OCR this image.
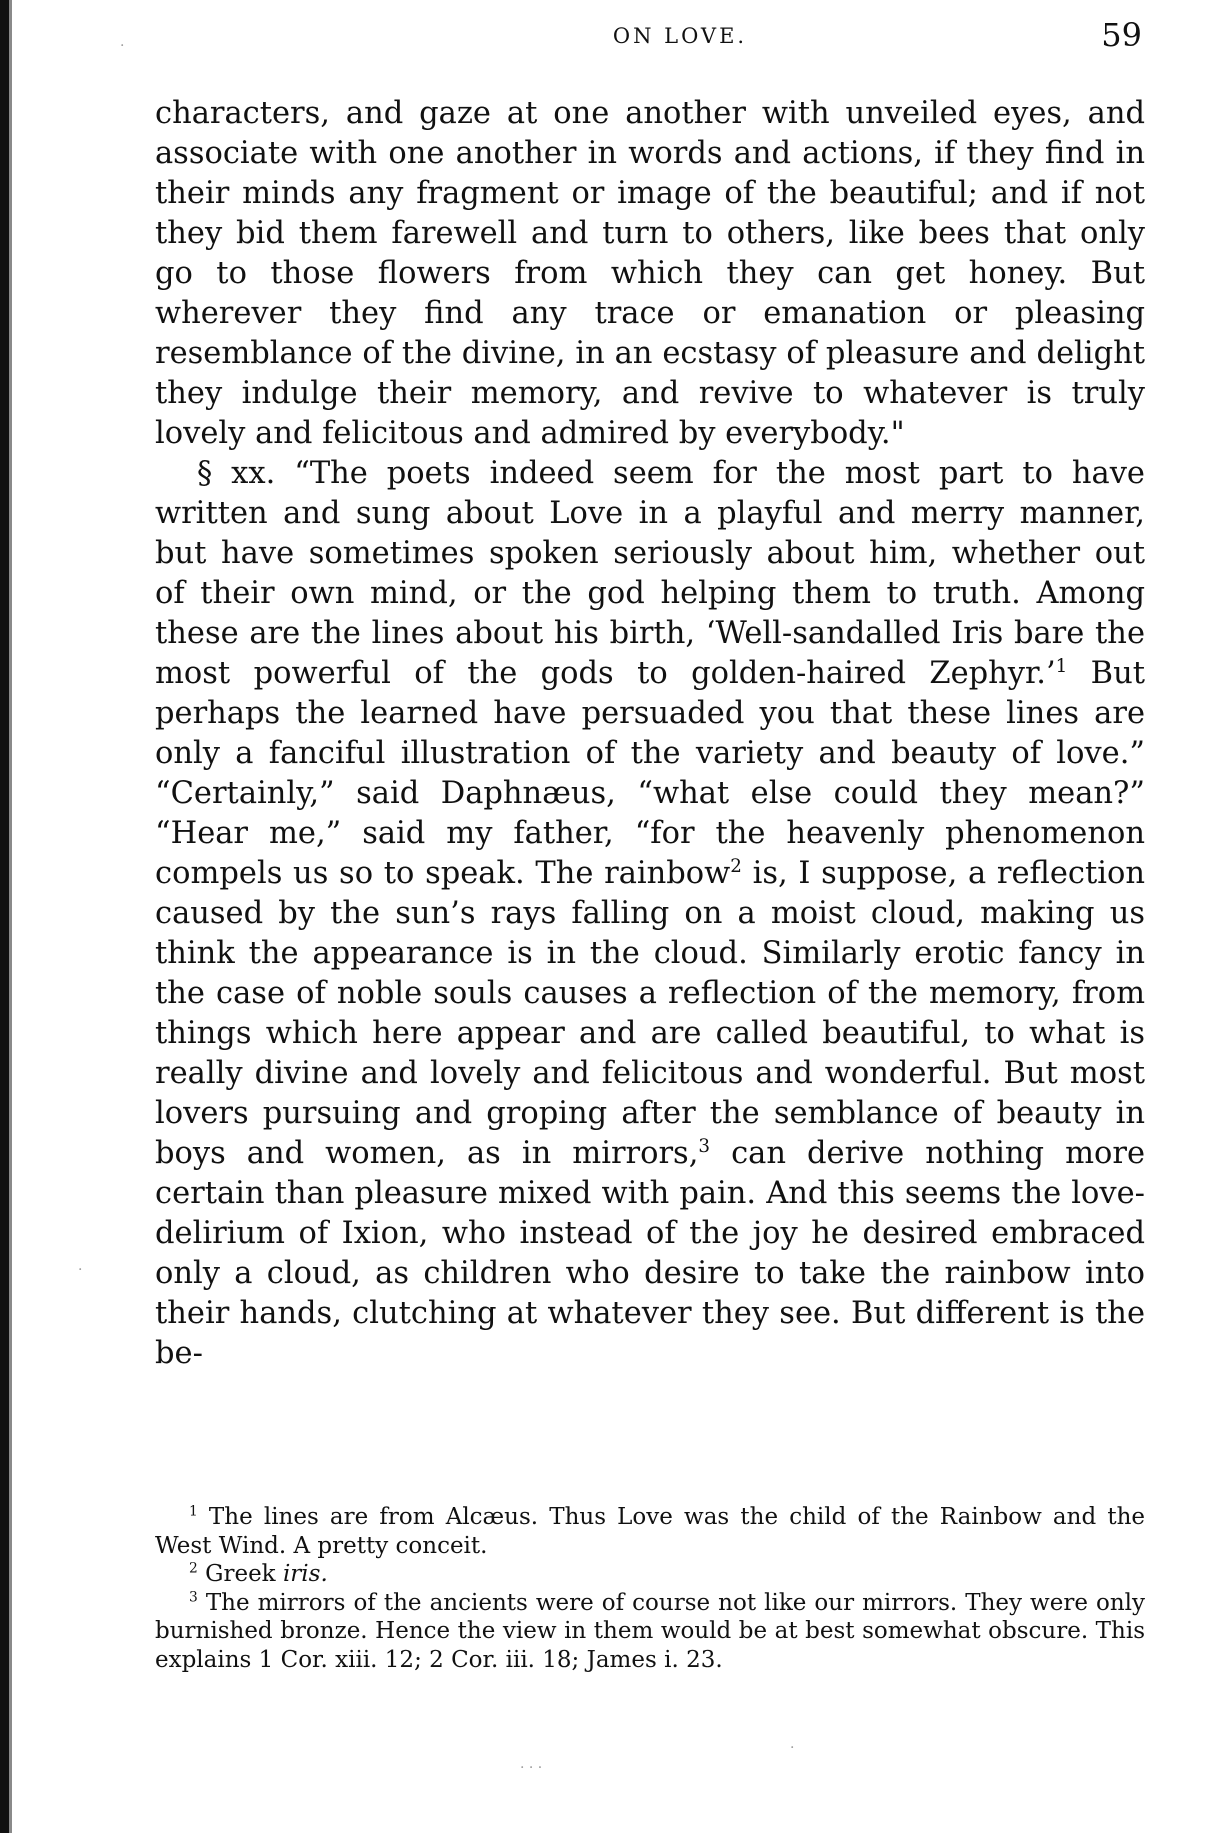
ON LOVE.	59

characters, and gaze at one another with unveiled eyes, and associate with one another in words and actions, if they find in their minds any fragment or image of the beautiful; and if not they bid them farewell and turn to others, like bees that only go to those flowers from which they can get honey. But wherever they find any trace or emanation or pleasing resemblance of the divine, in an ecstasy of pleasure and delight they indulge their memory, and revive to whatever is truly lovely and felicitous and admired by everybody."

§ xx. “The poets indeed seem for the most part to have written and sung about Love in a playful and merry manner, but have sometimes spoken seriously about him, whether out of their own mind, or the god helping them to truth. Among these are the lines about his birth, ‘Well-sandalled Iris bare the most powerful of the gods to golden-haired Zephyr.’$^1$ But perhaps the learned have persuaded you that these lines are only a fanciful illustration of the variety and beauty of love.” “Certainly,” said Daphnæus, “what else could they mean?” “Hear me,” said my father, “for the heavenly phenomenon compels us so to speak. The rainbow$^2$ is, I suppose, a reflection caused by the sun’s rays falling on a moist cloud, making us think the appearance is in the cloud. Similarly erotic fancy in the case of noble souls causes a reflection of the memory, from things which here appear and are called beautiful, to what is really divine and lovely and felicitous and wonderful. But most lovers pursuing and groping after the semblance of beauty in boys and women, as in mirrors,$^3$ can derive nothing more certain than pleasure mixed with pain. And this seems the love-delirium of Ixion, who instead of the joy he desired embraced only a cloud, as children who desire to take the rainbow into their hands, clutching at whatever they see. But different is the be-

$^1$ The lines are from Alcæus. Thus Love was the child of the Rainbow and the West Wind. A pretty conceit.

$^2$ Greek iris.

$^3$ The mirrors of the ancients were of course not like our mirrors. They were only burnished bronze. Hence the view in them would be at best somewhat obscure. This explains 1 Cor. xiii. 12; 2 Cor. iii. 18; James i. 23.

·
·
· · ·
·
